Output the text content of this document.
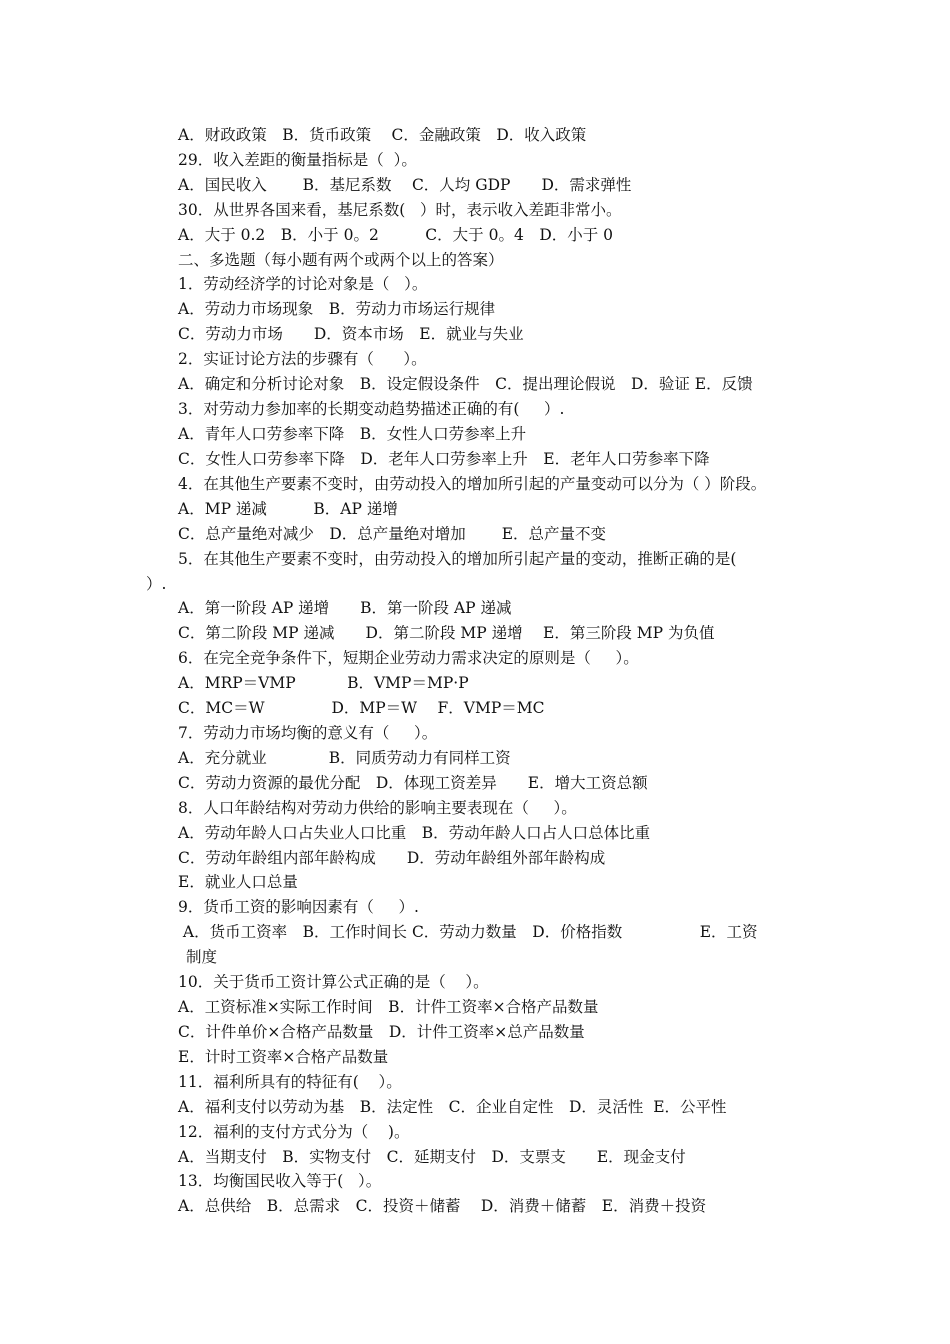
A．财政政策　B．货币政策　 C．金融政策　D．收入政策
29．收入差距的衡量指标是（  ）。
A．国民收入　　 B．基尼系数　 C．人均 GDP　　D．需求弹性
30．从世界各国来看，基尼系数(   ）时，表示收入差距非常小。
A．大于 0.2　B．小于 0。2　　　C．大于 0。4　D．小于 0
二、多选题（每小题有两个或两个以上的答案）
1．劳动经济学的讨论对象是（   ）。
A．劳动力市场现象　B．劳动力市场运行规律
C．劳动力市场　　D．资本市场　E．就业与失业
2．实证讨论方法的步骤有（      ）。
A．确定和分析讨论对象　B．设定假设条件　C．提出理论假说　D．验证 E．反馈
3．对劳动力参加率的长期变动趋势描述正确的有(     ）.
A．青年人口劳参率下降　B．女性人口劳参率上升
C．女性人口劳参率下降　D．老年人口劳参率上升　E．老年人口劳参率下降
4．在其他生产要素不变时，由劳动投入的增加所引起的产量变动可以分为（ ）阶段。
A．MP 递减　　　B．AP 递增
C．总产量绝对减少　D．总产量绝对增加　　 E．总产量不变
5．在其他生产要素不变时，由劳动投入的增加所引起产量的变动，推断正确的是(
）.
A．第一阶段 AP 递增　　B．第一阶段 AP 递减
C．第二阶段 MP 递减　　D．第二阶段 MP 递增　 E．第三阶段 MP 为负值
6．在完全竞争条件下，短期企业劳动力需求决定的原则是（     ）。
A．MRP＝VMP　　　 B．VMP＝MP·P
C．MC＝W　　　　 D．MP＝W　 F．VMP＝MC
7．劳动力市场均衡的意义有（     ）。
A．充分就业　　　　B．同质劳动力有同样工资
C．劳动力资源的最优分配　D．体现工资差异　　E．增大工资总额
8．人口年龄结构对劳动力供给的影响主要表现在（     ）。
A．劳动年龄人口占失业人口比重　B．劳动年龄人口占人口总体比重
C．劳动年龄组内部年龄构成　　D．劳动年龄组外部年龄构成
E．就业人口总量
9．货币工资的影响因素有（     ）.
A．货币工资率　B．工作时间长 C．劳动力数量　D．价格指数　　　　　E．工资
制度
10．关于货币工资计算公式正确的是（    ）。
A．工资标准×实际工作时间　B．计件工资率×合格产品数量
C．计件单价×合格产品数量　D．计件工资率×总产品数量
E．计时工资率×合格产品数量
11．福利所具有的特征有(    ）。
A．福利支付以劳动为基　B．法定性　C．企业自定性　D．灵活性  E．公平性
12．福利的支付方式分为（    )。
A．当期支付　B．实物支付　C．延期支付　D．支票支　　E．现金支付
13．均衡国民收入等于(   ）。
A．总供给　B．总需求　C．投资＋储蓄　 D．消费＋储蓄　E．消费＋投资
